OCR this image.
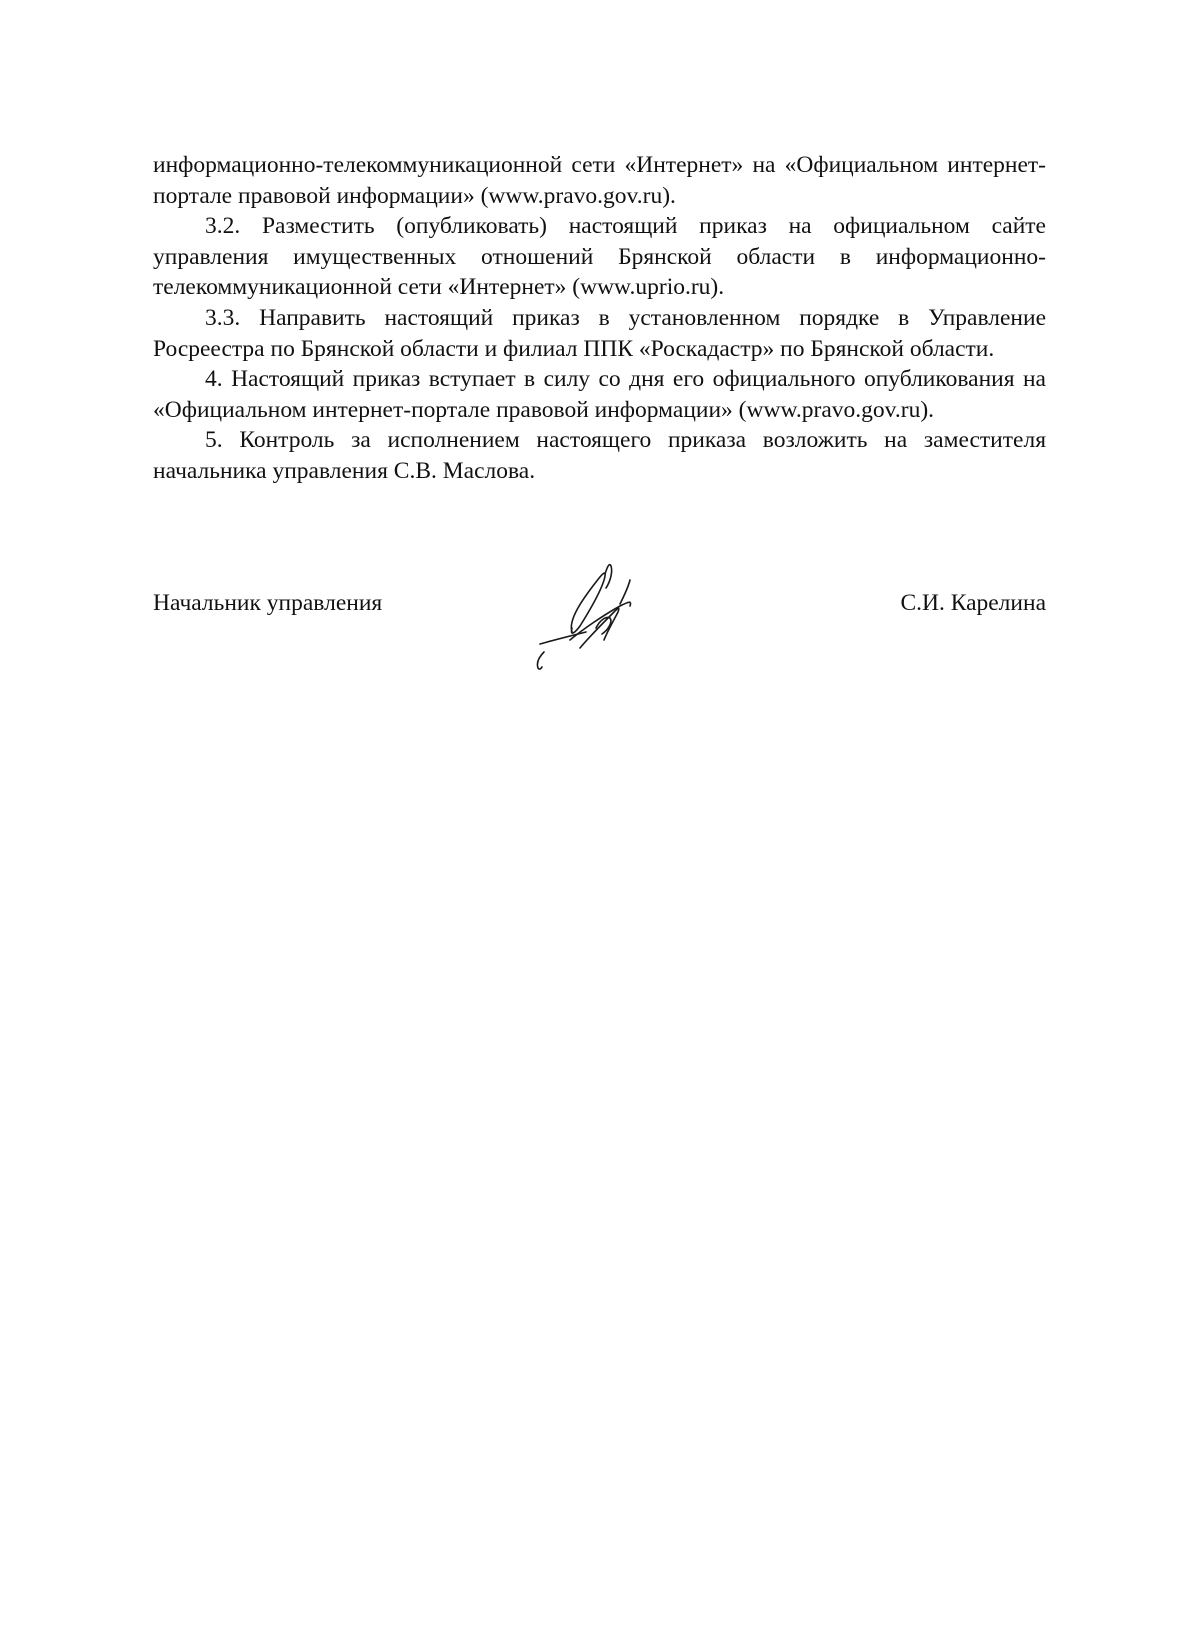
информационно-телекоммуникационной сети «Интернет» на «Официальном интернет-портале правовой информации» (www.pravo.gov.ru).

3.2. Разместить (опубликовать) настоящий приказ на официальном сайте управления имущественных отношений Брянской области в информационно-телекоммуникационной сети «Интернет» (www.uprio.ru).

3.3. Направить настоящий приказ в установленном порядке в Управление Росреестра по Брянской области и филиал ППК «Роскадастр» по Брянской области.

4. Настоящий приказ вступает в силу со дня его официального опубликования на «Официальном интернет-портале правовой информации» (www.pravo.gov.ru).

5. Контроль за исполнением настоящего приказа возложить на заместителя начальника управления С.В. Маслова.

Начальник управления	С.И. Карелина
